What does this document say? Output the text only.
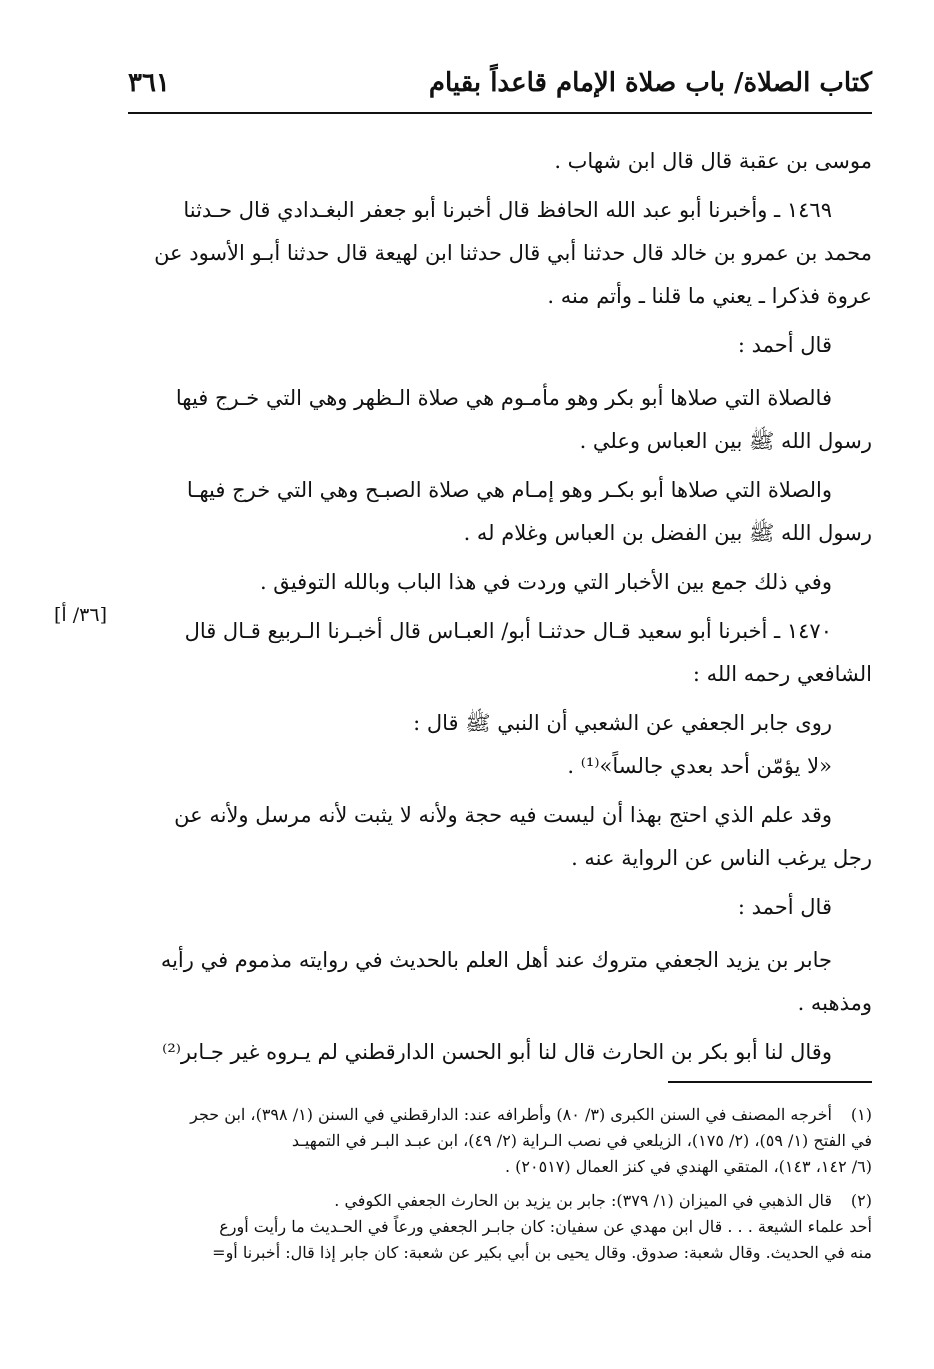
كتاب الصلاة/ باب صلاة الإمام قاعداً بقيام
٣٦١

موسى بن عقبة قال قال ابن شهاب .

١٤٦٩ ـ وأخبرنا أبو عبد الله الحافظ قال أخبرنا أبو جعفر البغـدادي قال حـدثنا

محمد بن عمرو بن خالد قال حدثنا أبي قال حدثنا ابن لهيعة قال حدثنا أبـو الأسود عن

عروة فذكرا ـ يعني ما قلنا ـ وأتم منه .

قال أحمد :

فالصلاة التي صلاها أبو بكر وهو مأمـوم هي صلاة الـظهر وهي التي خـرج فيها

رسول الله ﷺ بين العباس وعلي .

والصلاة التي صلاها أبو بكـر وهو إمـام هي صلاة الصبـح وهي التي خرج فيهـا

رسول الله ﷺ بين الفضل بن العباس وغلام له .

وفي ذلك جمع بين الأخبار التي وردت في هذا الباب وبالله التوفيق .

١٤٧٠ ـ أخبرنا أبو سعيد قـال حدثنـا أبو/ العبـاس قال أخبـرنا الـربيع قـال قال

الشافعي رحمه الله :

روى جابر الجعفي عن الشعبي أن النبي ﷺ قال :

«لا يؤمّن أحد بعدي جالساً»⁽¹⁾ .

وقد علم الذي احتج بهذا أن ليست فيه حجة ولأنه لا يثبت لأنه مرسل ولأنه عن

رجل يرغب الناس عن الرواية عنه .

قال أحمد :

جابر بن يزيد الجعفي متروك عند أهل العلم بالحديث في روايته مذموم في رأيه

ومذهبه .

وقال لنا أبو بكر بن الحارث قال لنا أبو الحسن الدارقطني لم يـروه غير جـابر⁽²⁾

[٣٦/ أ]

(١)أخرجه المصنف في السنن الكبرى (٣/ ٨٠) وأطرافه عند: الدارقطني في السنن (١/ ٣٩٨)، ابن حجر

في الفتح (١/ ٥٩)، (٢/ ١٧٥)، الزيلعي في نصب الـراية (٢/ ٤٩)، ابن عبـد البـر في التمهيـد

(٦/ ١٤٢، ١٤٣)، المتقي الهندي في كنز العمال (٢٠٥١٧) .

(٢)قال الذهبي في الميزان (١/ ٣٧٩): جابر بن يزيد بن الحارث الجعفي الكوفي .

أحد علماء الشيعة . . . قال ابن مهدي عن سفيان: كان جابـر الجعفي ورعاً في الحـديث ما رأيت أورع

منه في الحديث. وقال شعبة: صدوق. وقال يحيى بن أبي بكير عن شعبة: كان جابر إذا قال: أخبرنا أو=
